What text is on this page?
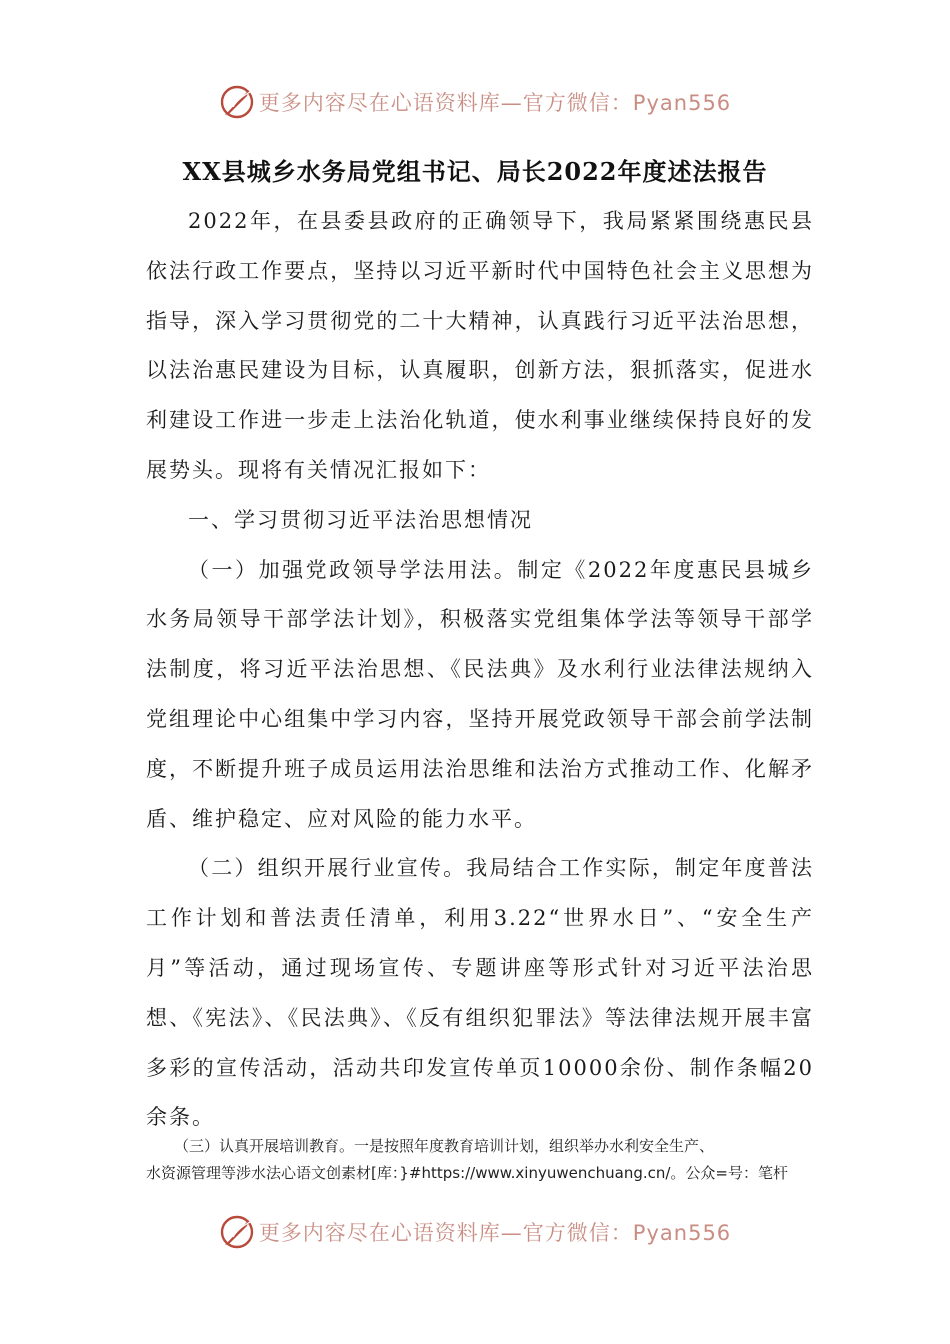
更多内容尽在心语资料库—官方微信：Pyan556
XX县城乡水务局党组书记、局长2022年度述法报告

2022年，在县委县政府的正确领导下，我局紧紧围绕惠民县依法行政工作要点，坚持以习近平新时代中国特色社会主义思想为指导，深入学习贯彻党的二十大精神，认真践行习近平法治思想，以法治惠民建设为目标，认真履职，创新方法，狠抓落实，促进水利建设工作进一步走上法治化轨道，使水利事业继续保持良好的发展势头。现将有关情况汇报如下：

一、学习贯彻习近平法治思想情况

（一）加强党政领导学法用法。制定《2022年度惠民县城乡水务局领导干部学法计划》，积极落实党组集体学法等领导干部学法制度，将习近平法治思想、《民法典》及水利行业法律法规纳入党组理论中心组集中学习内容，坚持开展党政领导干部会前学法制度，不断提升班子成员运用法治思维和法治方式推动工作、化解矛盾、维护稳定、应对风险的能力水平。

（二）组织开展行业宣传。我局结合工作实际，制定年度普法工作计划和普法责任清单，利用3.22“世界水日”、“安全生产月”等活动，通过现场宣传、专题讲座等形式针对习近平法治思想、《宪法》、《民法典》、《反有组织犯罪法》等法律法规开展丰富多彩的宣传活动，活动共印发宣传单页10000余份、制作条幅20余条。

（三）认真开展培训教育。一是按照年度教育培训计划，组织举办水利安全生产、
水资源管理等涉水法心语文创素材[库：}#https://www.xinyuwenchuang.cn/。公众=号：笔杆
更多内容尽在心语资料库—官方微信：Pyan556
